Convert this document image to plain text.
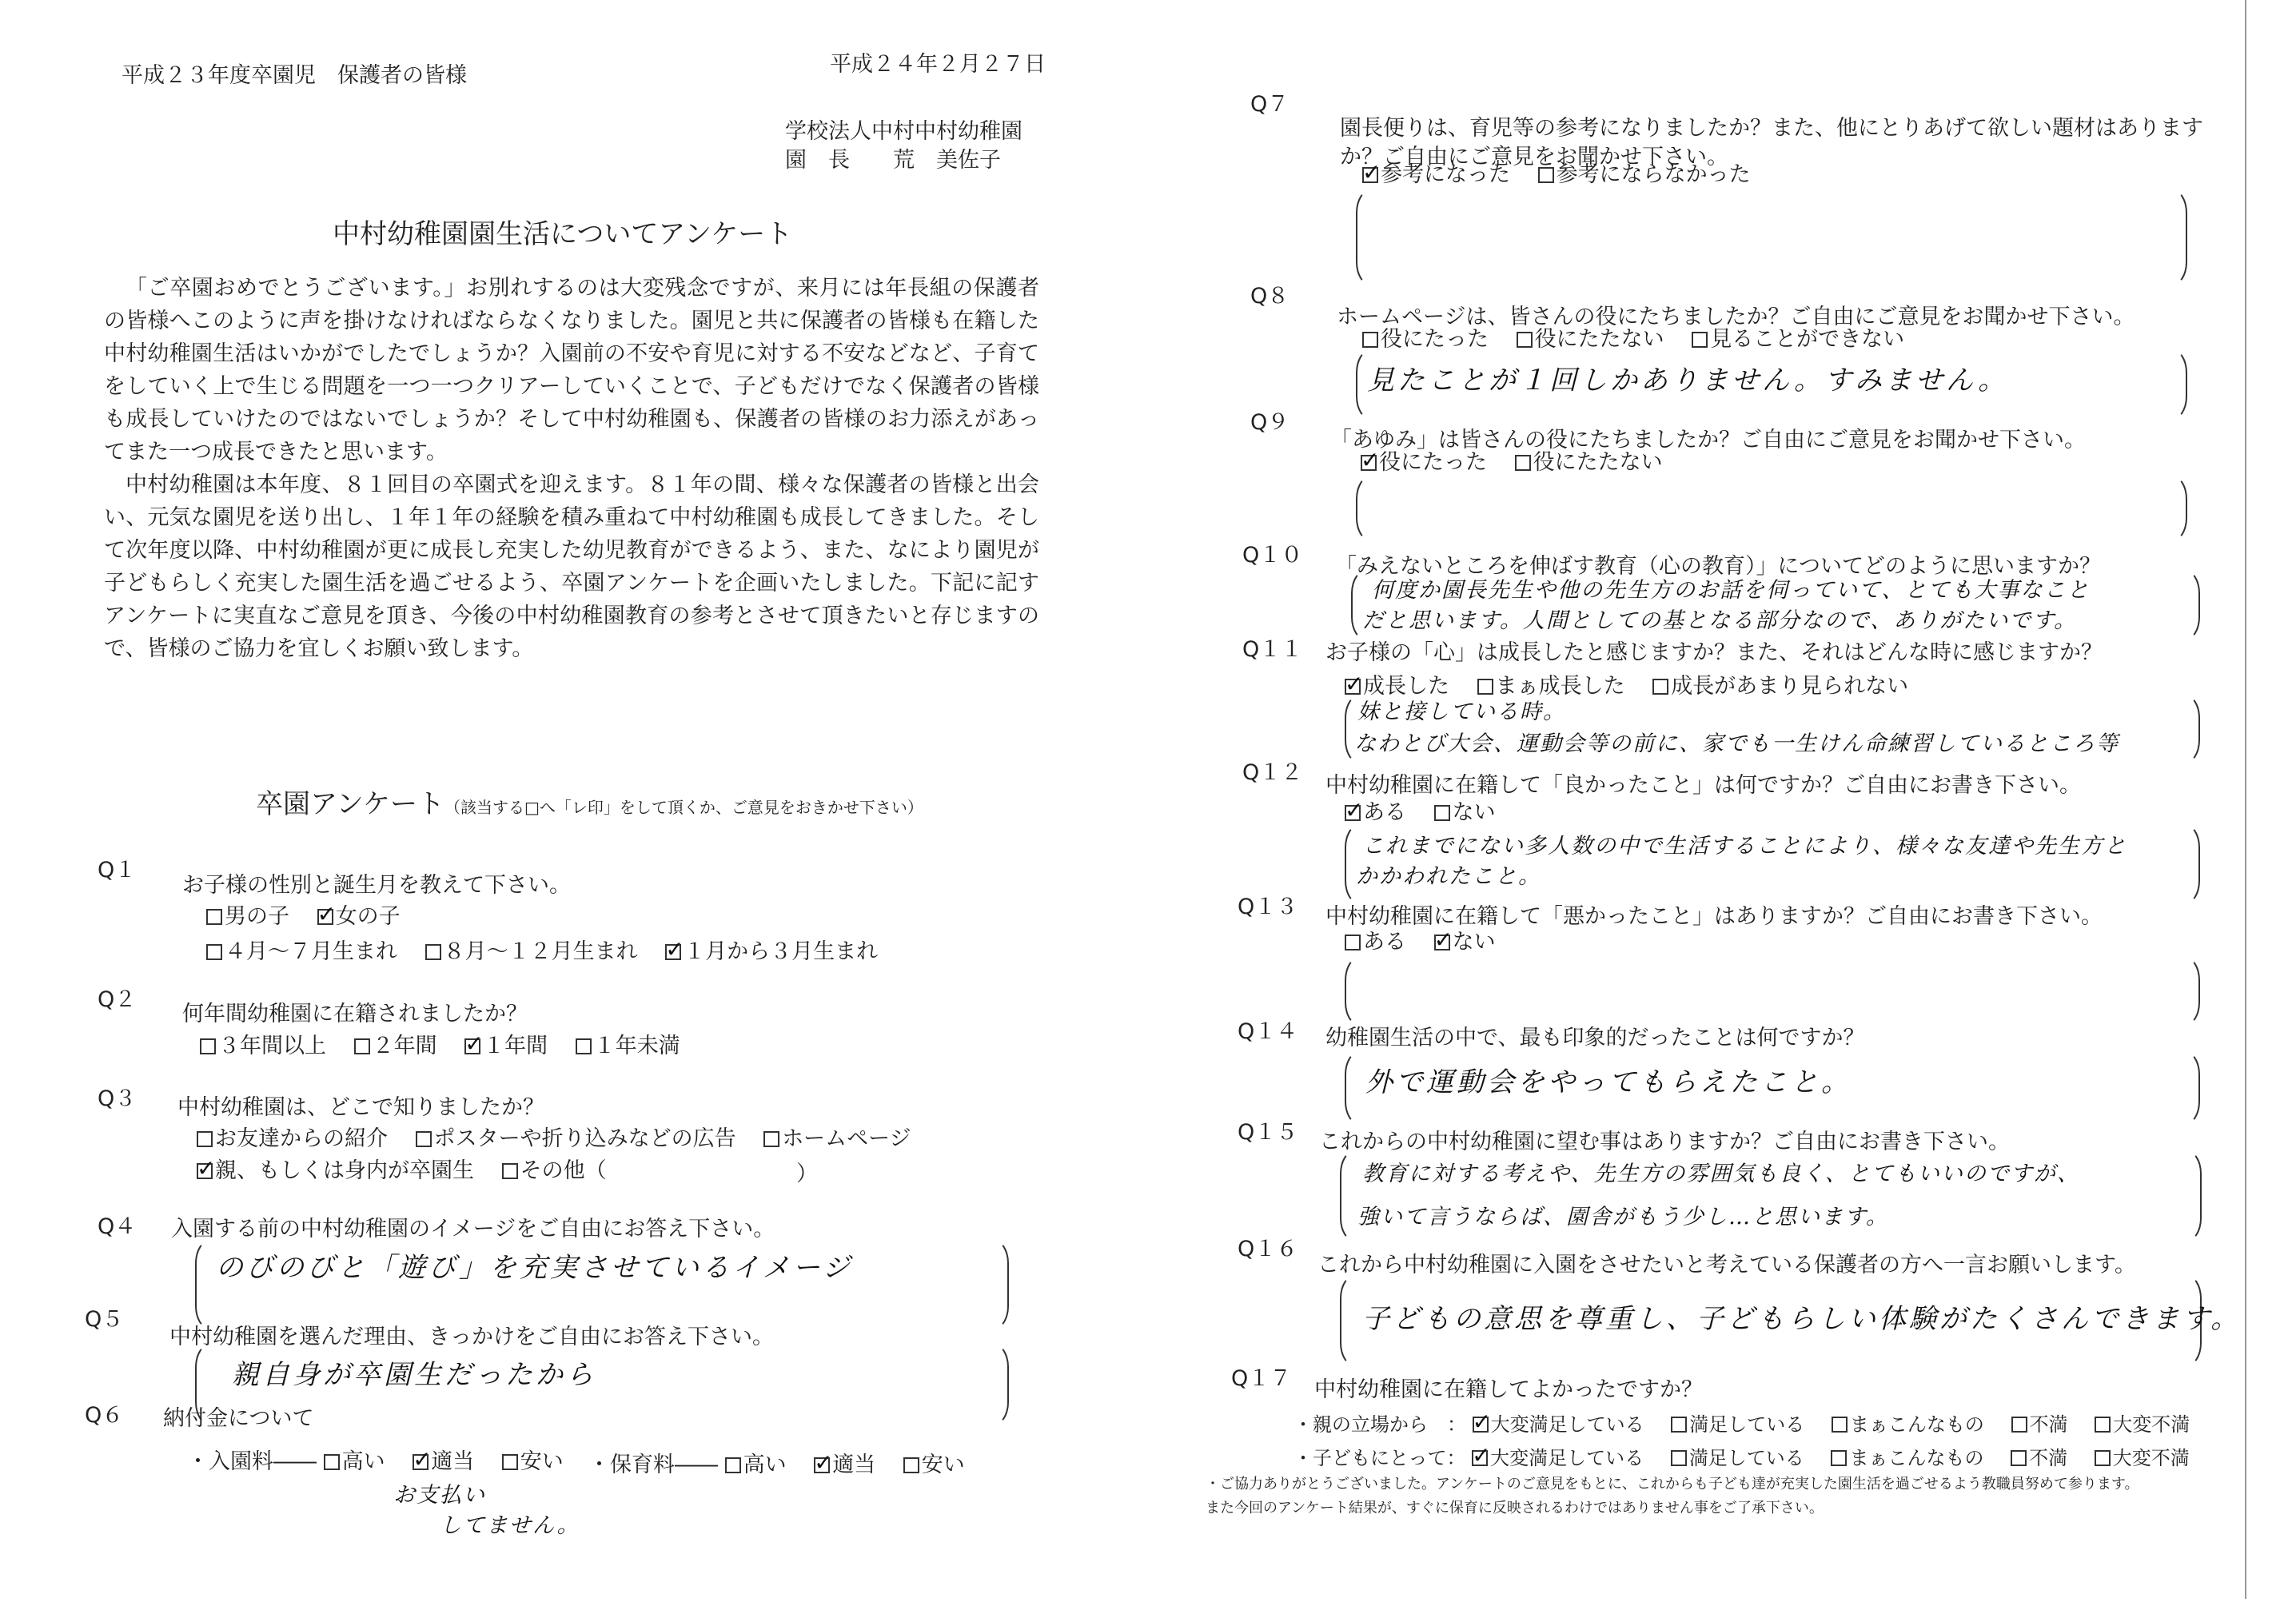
平成２３年度卒園児　保護者の皆様	平成２４年２月２７日
学校法人中村中村幼稚園
園　長　　荒　美佐子
中村幼稚園園生活についてアンケート

「ご卒園おめでとうございます。」お別れするのは大変残念ですが、来月には年長組の保護者の皆様へこのように声を掛けなければならなくなりました。園児と共に保護者の皆様も在籍した中村幼稚園生活はいかがでしたでしょうか？入園前の不安や育児に対する不安などなど、子育てをしていく上で生じる問題を一つ一つクリアーしていくことで、子どもだけでなく保護者の皆様も成長していけたのではないでしょうか？そして中村幼稚園も、保護者の皆様のお力添えがあってまた一つ成長できたと思います。

中村幼稚園は本年度、８１回目の卒園式を迎えます。８１年の間、様々な保護者の皆様と出会い、元気な園児を送り出し、１年１年の経験を積み重ねて中村幼稚園も成長してきました。そして次年度以降、中村幼稚園が更に成長し充実した幼児教育ができるよう、また、なにより園児が子どもらしく充実した園生活を過ごせるよう、卒園アンケートを企画いたしました。下記に記すアンケートに実直なご意見を頂き、今後の中村幼稚園教育の参考とさせて頂きたいと存じますので、皆様のご協力を宜しくお願い致します。

卒園アンケート（該当する□へ「レ印」をして頂くか、ご意見をおきかせ下さい）
Q１
お子様の性別と誕生月を教えて下さい。
男の子 ✓ 女の子
４月～７月生まれ ８月～１２月生まれ ✓ １月から３月生まれ
Q２
何年間幼稚園に在籍されましたか？
３年間以上 ２年間 ✓ １年間 １年未満
Q３ 中村幼稚園は、どこで知りましたか？
お友達からの紹介 ポスターや折り込みなどの広告 ホームページ
✓親、もしくは身内が卒園生 その他（	）
Q４ 入園する前の中村幼稚園のイメージをご自由にお答え下さい。
のびのびと「遊び」を充実させているイメージ
Q５
中村幼稚園を選んだ理由、きっかけをご自由にお答え下さい。
親自身が卒園生だったから
Q６ 納付金について
・入園料―― 高い ✓ 適当 安い	・保育料―― 高い ✓ 適当 安い
お支払い
してません。
Q７
園長便りは、育児等の参考になりましたか？また、他にとりあげて欲しい題材はあります
か？ご自由にご意見をお聞かせ下さい。
✓参考になった 参考にならなかった
Q８
ホームページは、皆さんの役にたちましたか？ご自由にご意見をお聞かせ下さい。
役にたった 役にたたない 見ることができない
見たことが１回しかありません。すみません。
Q９
「あゆみ」は皆さんの役にたちましたか？ご自由にご意見をお聞かせ下さい。
✓役にたった 役にたたない
Q１０ 「みえないところを伸ばす教育（心の教育）」についてどのように思いますか？
何度か園長先生や他の先生方のお話を伺っていて、とても大事なこと
だと思います。人間としての基となる部分なので、ありがたいです。
Q１１ お子様の「心」は成長したと感じますか？また、それはどんな時に感じますか？
✓成長した まぁ成長した 成長があまり見られない
妹と接している時。
なわとび大会、運動会等の前に、家でも一生けん命練習しているところ等
Q１２
中村幼稚園に在籍して「良かったこと」は何ですか？ご自由にお書き下さい。
✓ある ない
これまでにない多人数の中で生活することにより、様々な友達や先生方と
かかわれたこと。
Q１３ 中村幼稚園に在籍して「悪かったこと」はありますか？ご自由にお書き下さい。
ある ✓ ない
Q１４ 幼稚園生活の中で、最も印象的だったことは何ですか？
外で運動会をやってもらえたこと。
Q１５ これからの中村幼稚園に望む事はありますか？ご自由にお書き下さい。
教育に対する考えや、先生方の雰囲気も良く、とてもいいのですが、
強いて言うならば、園舎がもう少し…と思います。
Q１６
これから中村幼稚園に入園をさせたいと考えている保護者の方へ一言お願いします。
子どもの意思を尊重し、子どもらしい体験がたくさんできます。
Q１７ 中村幼稚園に在籍してよかったですか？
・親の立場から　： ✓ 大変満足している 満足している まぁこんなもの 不満 大変不満
・子どもにとって： ✓ 大変満足している 満足している まぁこんなもの 不満 大変不満
・ご協力ありがとうございました。アンケートのご意見をもとに、これからも子ども達が充実した園生活を過ごせるよう教職員努めて参ります。
また今回のアンケート結果が、すぐに保育に反映されるわけではありません事をご了承下さい。
